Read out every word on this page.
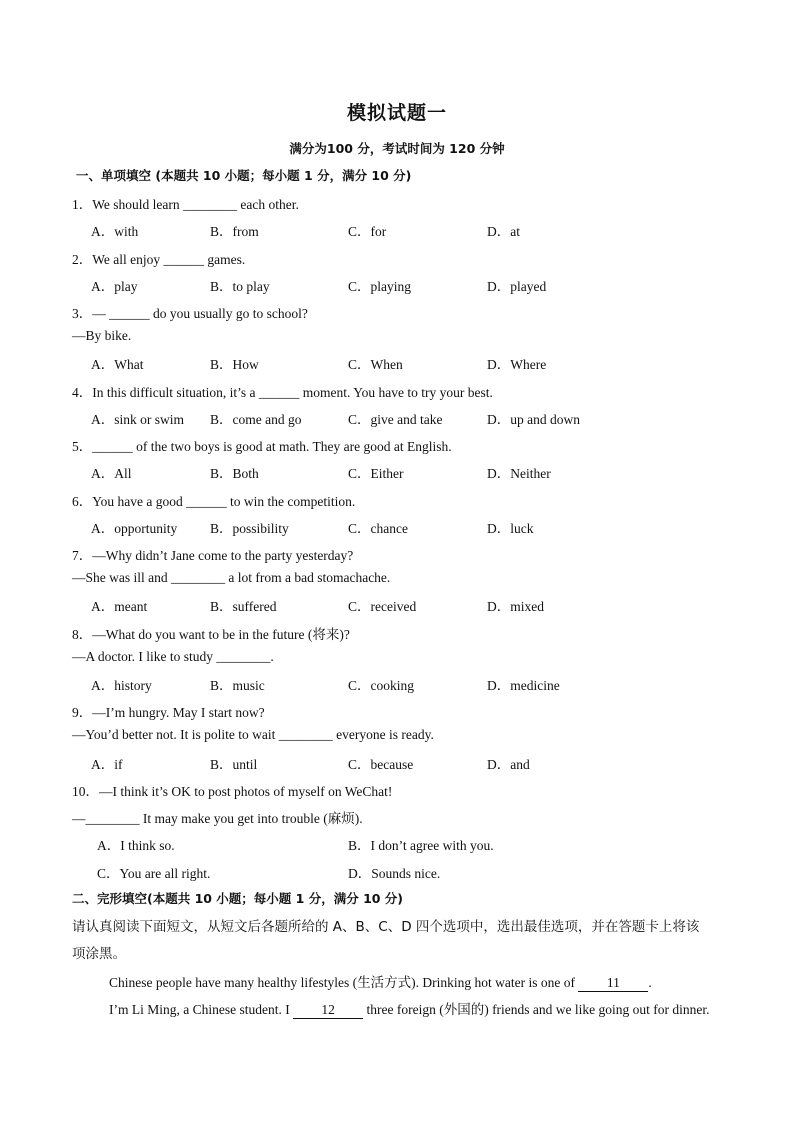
模拟试题一
满分为100 分，考试时间为 120 分钟
一、单项填空 (本题共 10 小题；每小题 1 分，满分 10 分)
1．We should learn ________ each other.
A．with	B．from	C．for	D．at
2．We all enjoy ______ games.
A．play	B．to play	C．playing	D．played
3．— ______ do you usually go to school?
—By bike.
A．What	B．How	C．When	D．Where
4．In this difficult situation, it’s a ______ moment. You have to try your best.
A．sink or swim B．come and go	C．give and take	D．up and down
5．______ of the two boys is good at math. They are good at English.
A．All	B．Both	C．Either	D．Neither
6．You have a good ______ to win the competition.
A．opportunity B．possibility	C．chance	D．luck
7．—Why didn’t Jane come to the party yesterday?
—She was ill and ________ a lot from a bad stomachache.
A．meant	B．suffered	C．received	D．mixed
8．—What do you want to be in the future (将来)?
—A doctor. I like to study ________.
A．history	B．music	C．cooking	D．medicine
9．—I’m hungry. May I start now?
—You’d better not. It is polite to wait ________ everyone is ready.
A．if	B．until	C．because	D．and
10．—I think it’s OK to post photos of myself on WeChat!
—________ It may make you get into trouble (麻烦).
A．I think so.	B．I don’t agree with you.
C．You are all right.	D．Sounds nice.
二、完形填空(本题共 10 小题；每小题 1 分，满分 10 分)
请认真阅读下面短文，从短文后各题所给的 A、B、C、D 四个选项中，选出最佳选项，并在答题卡上将该
项涂黑。
Chinese people have many healthy lifestyles (生活方式). Drinking hot water is one of 11 .
I’m Li Ming, a Chinese student. I 12 three foreign (外国的) friends and we like going out for dinner.
